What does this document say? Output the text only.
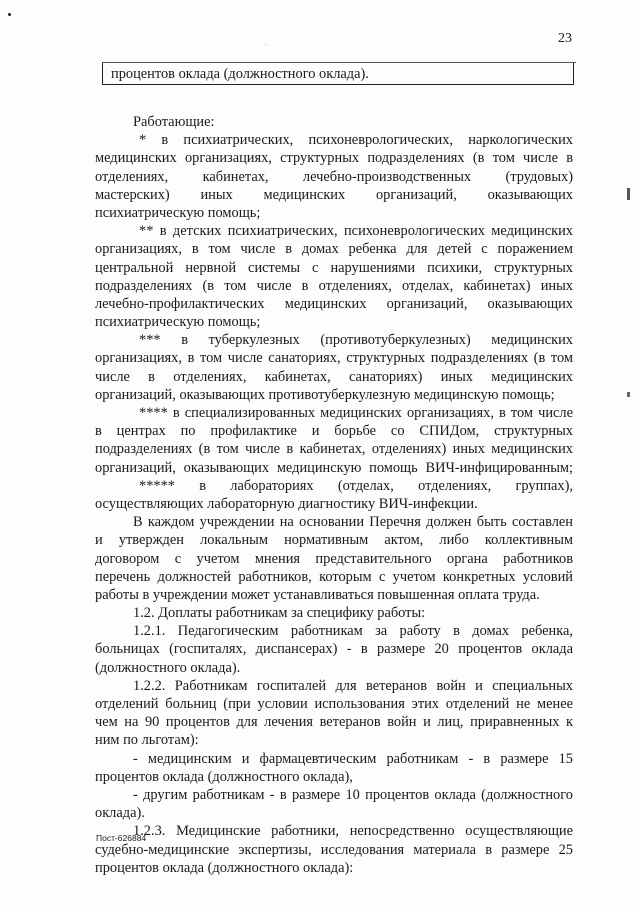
23
процентов оклада (должностного оклада).
Работающие:
* в психиатрических, психоневрологических, наркологических
медицинских организациях, структурных подразделениях (в том числе в
отделениях, кабинетах, лечебно-производственных (трудовых)
мастерских) иных медицинских организаций, оказывающих
психиатрическую помощь;
** в детских психиатрических, психоневрологических медицинских
организациях, в том числе в домах ребенка для детей с поражением
центральной нервной системы с нарушениями психики, структурных
подразделениях (в том числе в отделениях, отделах, кабинетах) иных
лечебно-профилактических медицинских организаций, оказывающих
психиатрическую помощь;
*** в туберкулезных (противотуберкулезных) медицинских
организациях, в том числе санаториях, структурных подразделениях (в том
числе в отделениях, кабинетах, санаториях) иных медицинских
организаций, оказывающих противотуберкулезную медицинскую помощь;
**** в специализированных медицинских организациях, в том числе
в центрах по профилактике и борьбе со СПИДом, структурных
подразделениях (в том числе в кабинетах, отделениях) иных медицинских
организаций, оказывающих медицинскую помощь ВИЧ-инфицированным;
***** в лабораториях (отделах, отделениях, группах),
осуществляющих лабораторную диагностику ВИЧ-инфекции.
В каждом учреждении на основании Перечня должен быть составлен
и утвержден локальным нормативным актом, либо коллективным
договором с учетом мнения представительного органа работников
перечень должностей работников, которым с учетом конкретных условий
работы в учреждении может устанавливаться повышенная оплата труда.
1.2. Доплаты работникам за специфику работы:
1.2.1. Педагогическим работникам за работу в домах ребенка,
больницах (госпиталях, диспансерах) - в размере 20 процентов оклада
(должностного оклада).
1.2.2. Работникам госпиталей для ветеранов войн и специальных
отделений больниц (при условии использования этих отделений не менее
чем на 90 процентов для лечения ветеранов войн и лиц, приравненных к
ним по льготам):
- медицинским и фармацевтическим работникам - в размере 15
процентов оклада (должностного оклада),
- другим работникам - в размере 10 процентов оклада (должностного
оклада).
1.2.3. Медицинские работники, непосредственно осуществляющие
судебно-медицинские экспертизы, исследования материала в размере 25
процентов оклада (должностного оклада):
Пост-626884
